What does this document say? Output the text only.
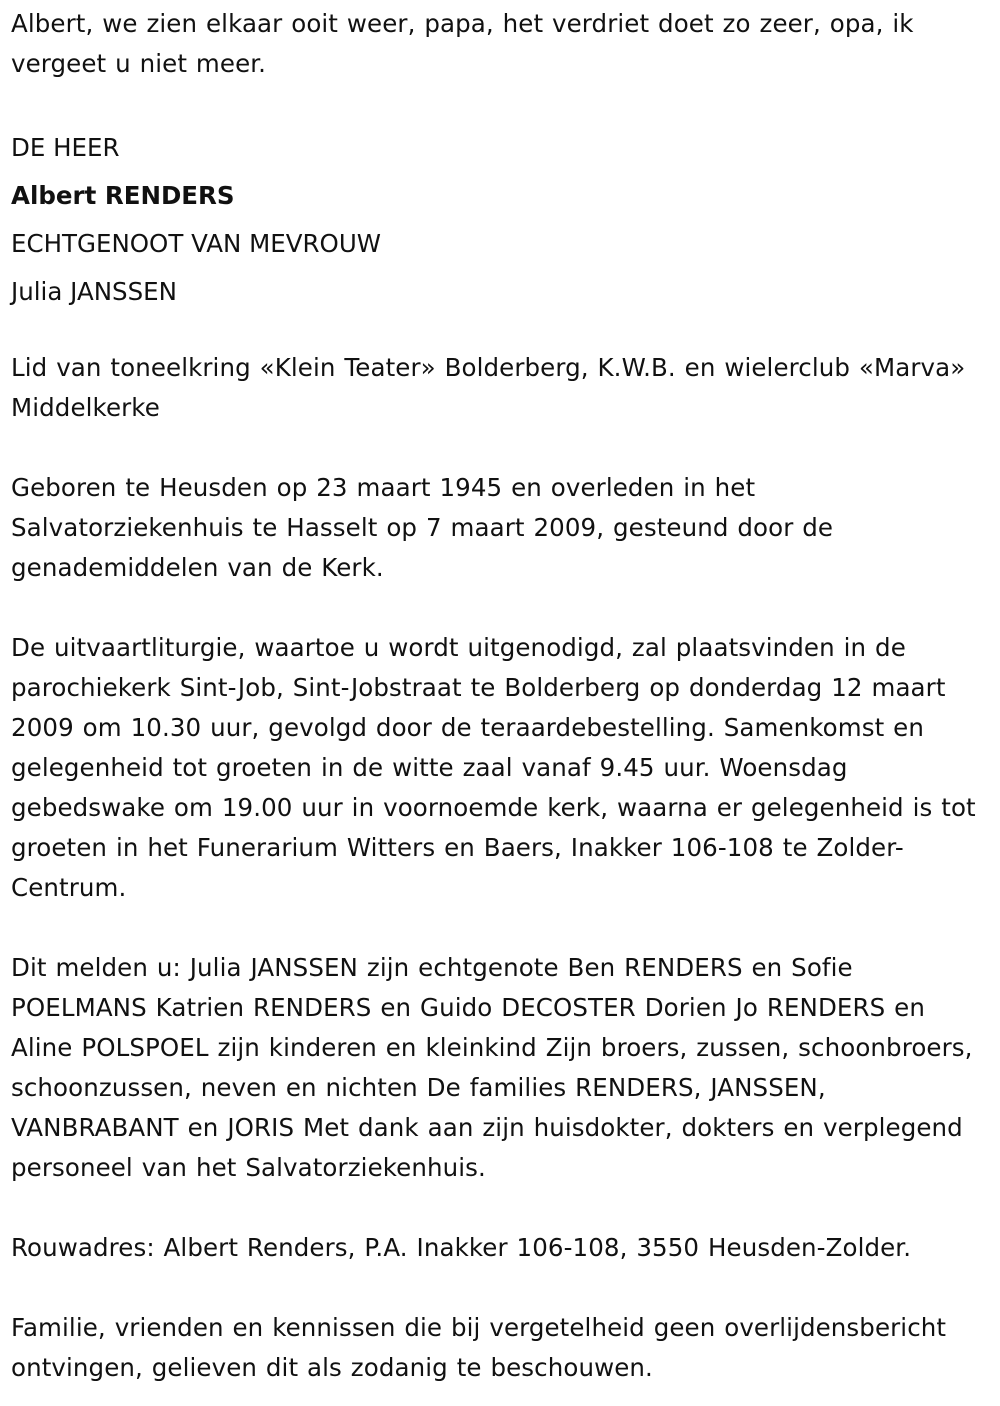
Albert, we zien elkaar ooit weer, papa, het verdriet doet zo zeer, opa, ik vergeet u niet meer.

DE HEER

Albert RENDERS

ECHTGENOOT VAN MEVROUW

Julia JANSSEN

Lid van toneelkring «Klein Teater» Bolderberg, K.W.B. en wielerclub «Marva» Middelkerke

Geboren te Heusden op 23 maart 1945 en overleden in het Salvatorziekenhuis te Hasselt op 7 maart 2009, gesteund door de genademiddelen van de Kerk.

De uitvaartliturgie, waartoe u wordt uitgenodigd, zal plaatsvinden in de parochiekerk Sint-Job, Sint-Jobstraat te Bolderberg op donderdag 12 maart 2009 om 10.30 uur, gevolgd door de teraardebestelling. Samenkomst en gelegenheid tot groeten in de witte zaal vanaf 9.45 uur. Woensdag gebedswake om 19.00 uur in voornoemde kerk, waarna er gelegenheid is tot groeten in het Funerarium Witters en Baers, Inakker 106-108 te Zolder-Centrum.

Dit melden u: Julia JANSSEN zijn echtgenote Ben RENDERS en Sofie POELMANS Katrien RENDERS en Guido DECOSTER Dorien Jo RENDERS en Aline POLSPOEL zijn kinderen en kleinkind Zijn broers, zussen, schoonbroers, schoonzussen, neven en nichten De families RENDERS, JANSSEN, VANBRABANT en JORIS Met dank aan zijn huisdokter, dokters en verplegend personeel van het Salvatorziekenhuis.

Rouwadres: Albert Renders, P.A. Inakker 106-108, 3550 Heusden-Zolder.

Familie, vrienden en kennissen die bij vergetelheid geen overlijdensbericht ontvingen, gelieven dit als zodanig te beschouwen.
